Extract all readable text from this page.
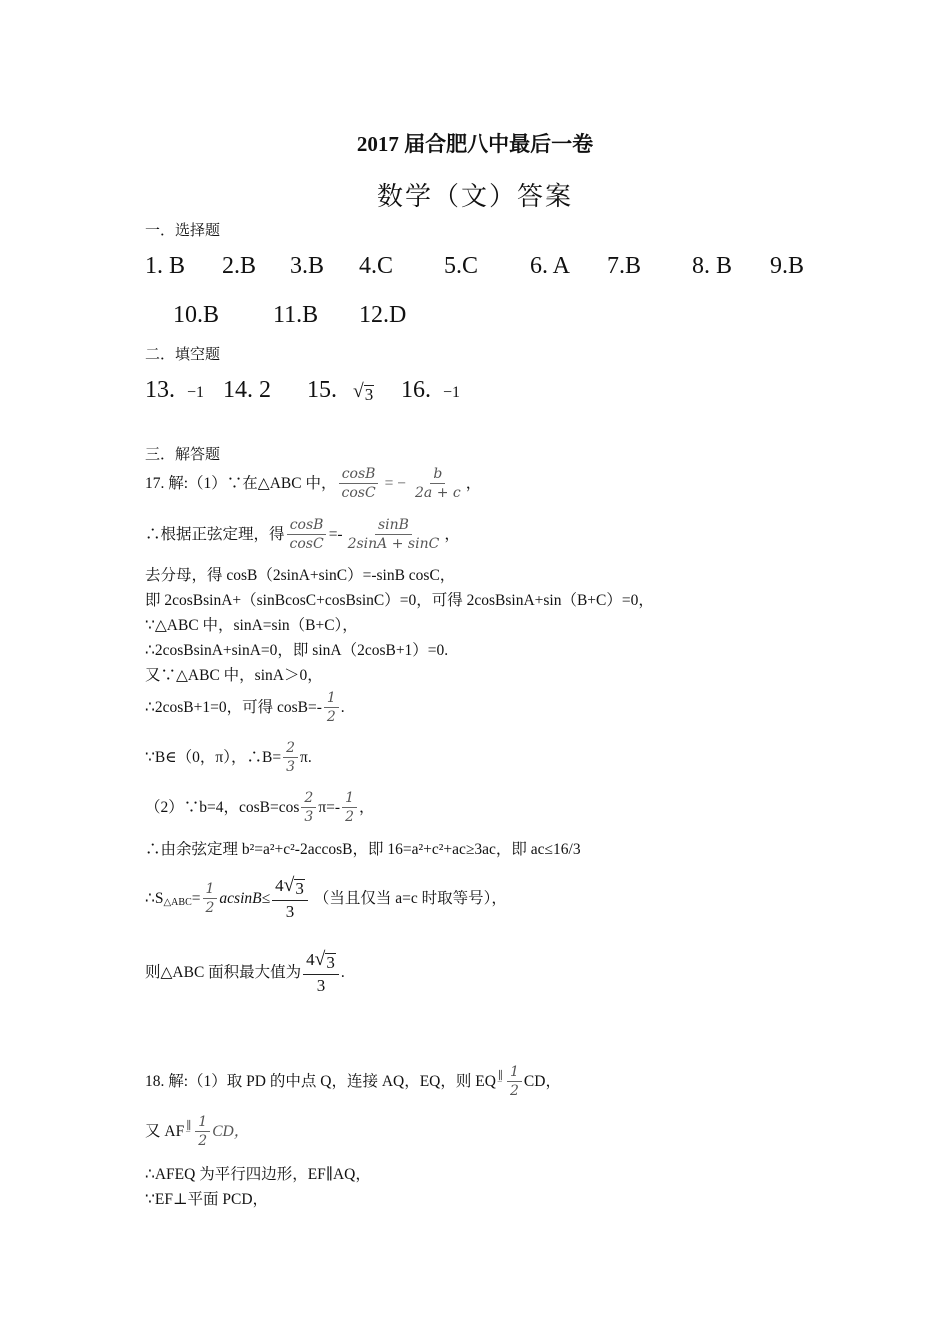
2017 届合肥八中最后一卷
数学（文）答案
一．选择题
1. B 2.B 3.B 4.C 5.C 6. A 7.B 8. B 9.B
10.B 11.B 12.D
二．填空题
13. −1 14. 2 15. √ 3 16. −1
三．解答题
17. 解:（1）∵在△ABC 中， $\frac{\cos B}{\cos C}$ = − $\frac{b}{2a + c}$ ，
∴根据正弦定理，得 $\frac{\cos B}{\cos C} =- \frac{\sin B}{2\sin A + \sin C}$ ，
去分母，得 cosB（2sinA+sinC）=-sinB cosC，
即 2cosBsinA+（sinBcosC+cosBsinC）=0，可得 2cosBsinA+sin（B+C）=0，
∵△ABC 中，sinA=sin（B+C），
∴2cosBsinA+sinA=0，即 sinA（2cosB+1）=0.
又∵△ABC 中，sinA＞0，
∴2cosB+1=0，可得 $\cos B=- \frac{1}{2}$ .
∵B∈（0，π），∴B= $\frac{2}{3} \pi$.
（2）∵b=4，$\cos B=\cos \frac{2}{3} \pi=- \frac{1}{2}$ ，
∴由余弦定理 b²=a²+c²-2accosB，即 16=a²+c²+ac≥3ac，即 ac≤16/3
∴S △ABC = $\frac{1}{2} acsinB\le \frac{4 √ 3}{3}$ （当且仅当 a=c 时取等号），
则△ABC 面积最大值为 $\frac{4 √ 3}{3}$ .
18. 解:（1）取 PD 的中点 Q，连接 AQ，EQ，则 EQ ∥
‾ $\frac{1}{2}$ CD，
又 AF ∥
‾ $\frac{1}{2}$ CD，
∴AFEQ 为平行四边形，EF∥AQ，
∵EF⊥平面 PCD，
